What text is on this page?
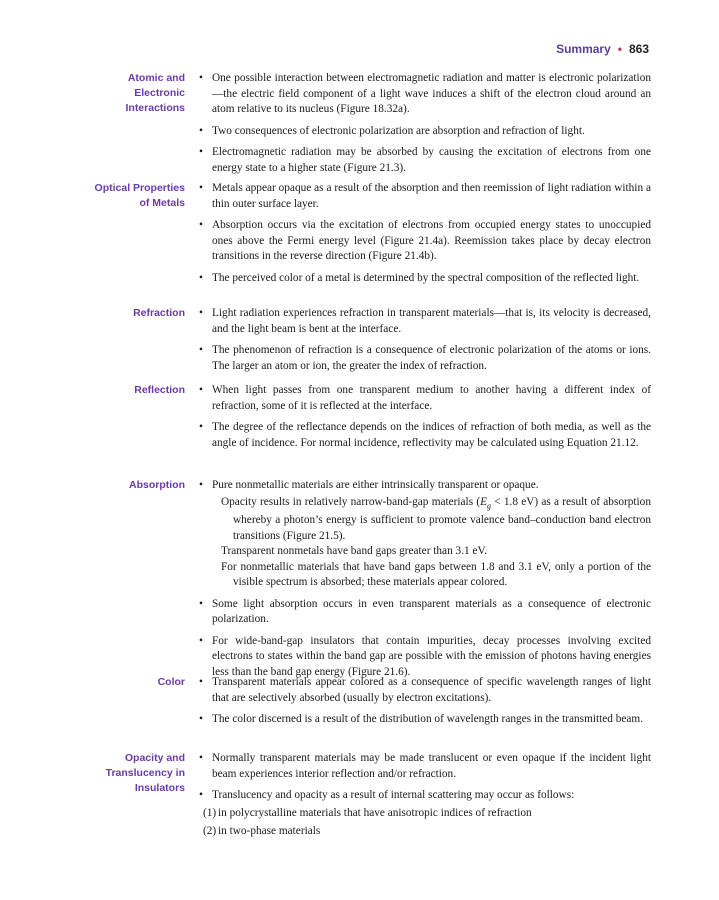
Summary • 863
Atomic and
Electronic
Interactions
• One possible interaction between electromagnetic radiation and matter is electronic polarization—the electric field component of a light wave induces a shift of the electron cloud around an atom relative to its nucleus (Figure 18.32a).
• Two consequences of electronic polarization are absorption and refraction of light.
• Electromagnetic radiation may be absorbed by causing the excitation of electrons from one energy state to a higher state (Figure 21.3).
Optical Properties
of Metals
• Metals appear opaque as a result of the absorption and then reemission of light radiation within a thin outer surface layer.
• Absorption occurs via the excitation of electrons from occupied energy states to unoccupied ones above the Fermi energy level (Figure 21.4a). Reemission takes place by decay electron transitions in the reverse direction (Figure 21.4b).
• The perceived color of a metal is determined by the spectral composition of the reflected light.
Refraction • Light radiation experiences refraction in transparent materials—that is, its velocity is decreased, and the light beam is bent at the interface.
• The phenomenon of refraction is a consequence of electronic polarization of the atoms or ions. The larger an atom or ion, the greater the index of refraction.
Reflection • When light passes from one transparent medium to another having a different index of refraction, some of it is reflected at the interface.
• The degree of the reflectance depends on the indices of refraction of both media, as well as the angle of incidence. For normal incidence, reflectivity may be calculated using Equation 21.12.
Absorption • Pure nonmetallic materials are either intrinsically transparent or opaque.
Opacity results in relatively narrow-band-gap materials ($E_g < 1.8$ eV) as a result of absorption whereby a photon’s energy is sufficient to promote valence band–conduction band electron transitions (Figure 21.5).
Transparent nonmetals have band gaps greater than 3.1 eV.
For nonmetallic materials that have band gaps between 1.8 and 3.1 eV, only a portion of the visible spectrum is absorbed; these materials appear colored.
• Some light absorption occurs in even transparent materials as a consequence of electronic polarization.
• For wide-band-gap insulators that contain impurities, decay processes involving excited electrons to states within the band gap are possible with the emission of photons having energies less than the band gap energy (Figure 21.6).
Color • Transparent materials appear colored as a consequence of specific wavelength ranges of light that are selectively absorbed (usually by electron excitations).
• The color discerned is a result of the distribution of wavelength ranges in the transmitted beam.
Opacity and
Translucency in
Insulators
• Normally transparent materials may be made translucent or even opaque if the incident light beam experiences interior reflection and/or refraction.
• Translucency and opacity as a result of internal scattering may occur as follows:
(1) in polycrystalline materials that have anisotropic indices of refraction
(2) in two-phase materials
